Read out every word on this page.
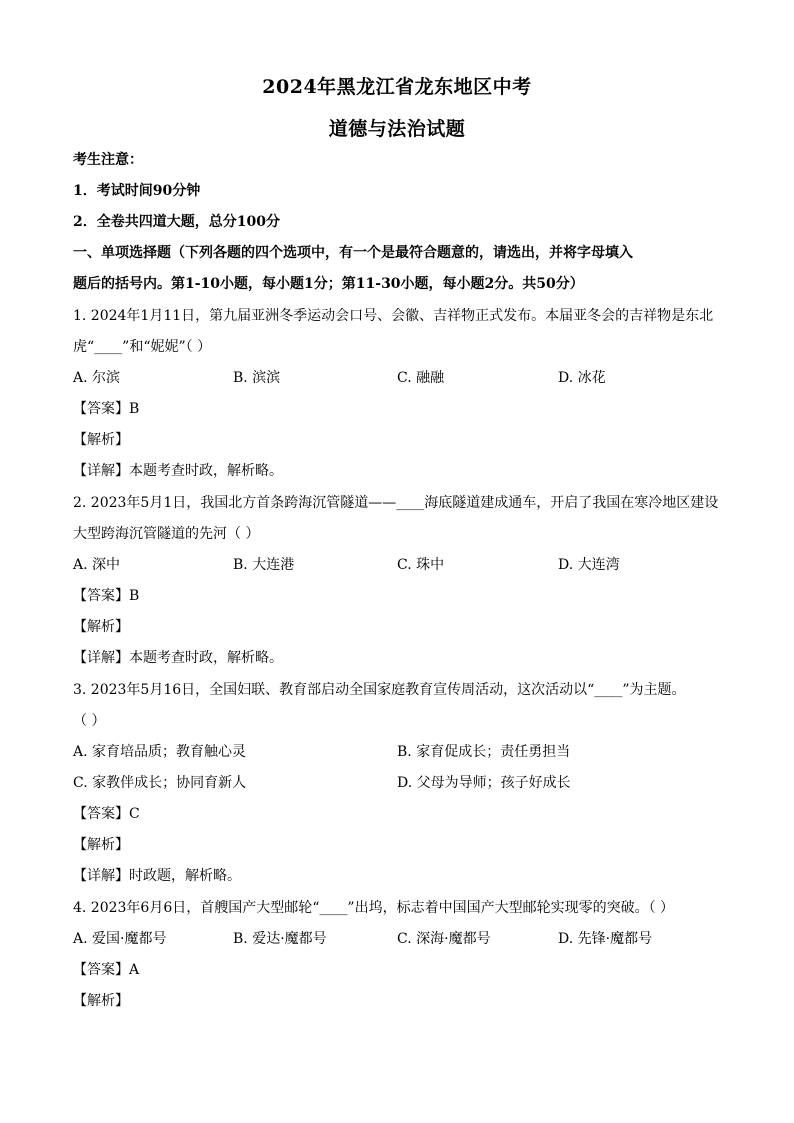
2024年黑龙江省龙东地区中考
道德与法治试题
考生注意：
1．考试时间90分钟
2．全卷共四道大题，总分100分
一、单项选择题（下列各题的四个选项中，有一个是最符合题意的，请选出，并将字母填入
题后的括号内。第1-10小题，每小题1分；第11-30小题，每小题2分。共50分）
1. 2024年1月11日，第九届亚洲冬季运动会口号、会徽、吉祥物正式发布。本届亚冬会的吉祥物是东北
虎“____”和“妮妮”（ ）
A. 尔滨	B. 滨滨	C. 融融	D. 冰花
【答案】B
【解析】
【详解】本题考查时政，解析略。
2. 2023年5月1日，我国北方首条跨海沉管隧道——____海底隧道建成通车，开启了我国在寒冷地区建设
大型跨海沉管隧道的先河（ ）
A. 深中	B. 大连港	C. 珠中	D. 大连湾
【答案】B
【解析】
【详解】本题考查时政，解析略。
3. 2023年5月16日，全国妇联、教育部启动全国家庭教育宣传周活动，这次活动以“____”为主题。
（ ）
A. 家育培品质；教育触心灵	B. 家育促成长；责任勇担当
C. 家教伴成长；协同育新人	D. 父母为导师；孩子好成长
【答案】C
【解析】
【详解】时政题，解析略。
4. 2023年6月6日，首艘国产大型邮轮“____”出坞，标志着中国国产大型邮轮实现零的突破。（ ）
A. 爱国·魔都号	B. 爱达·魔都号	C. 深海·魔都号	D. 先锋·魔都号
【答案】A
【解析】
